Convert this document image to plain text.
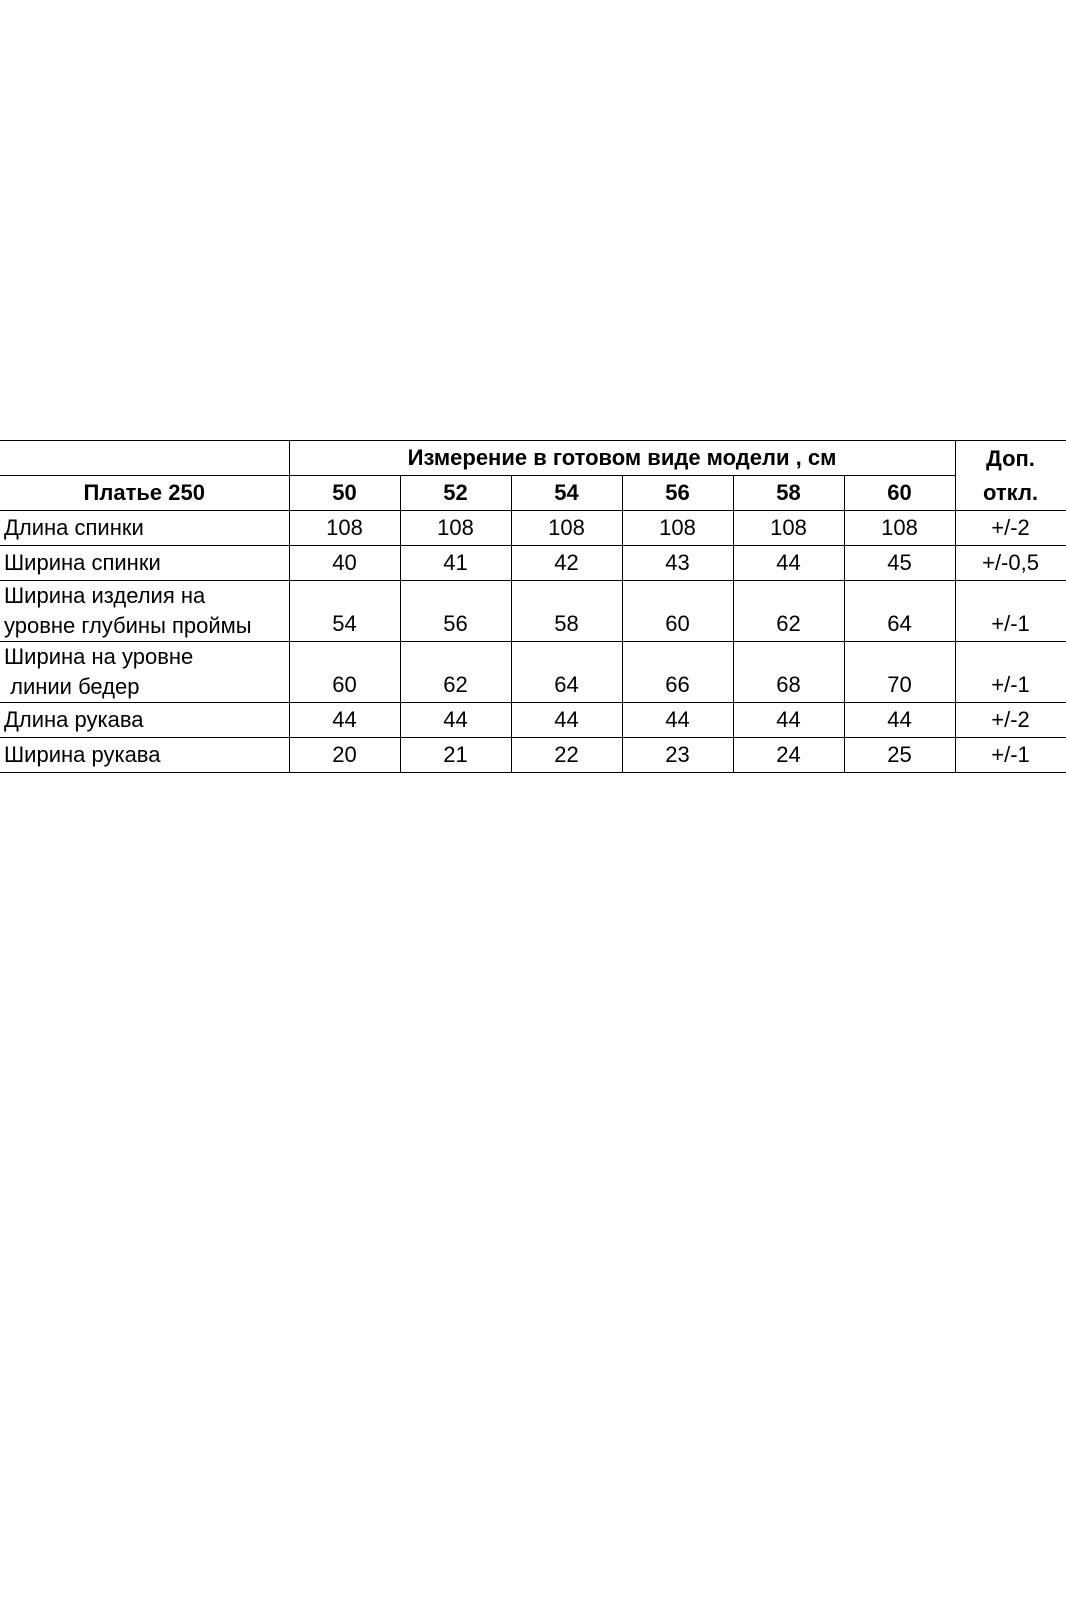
	Измерение в готовом виде модели , см						Доп.
откл.

Платье 250	50	52	54	56	58	60	
Длина спинки	108	108	108	108	108	108	+/-2
Ширина спинки	40	41	42	43	44	45	+/-0,5

Ширина изделия на
уровне глубины проймы	54	56	58	60	62	64	+/-1

Ширина на уровне
линии бедер	60	62	64	66	68	70	+/-1
Длина рукава	44	44	44	44	44	44	+/-2
Ширина рукава	20	21	22	23	24	25	+/-1
